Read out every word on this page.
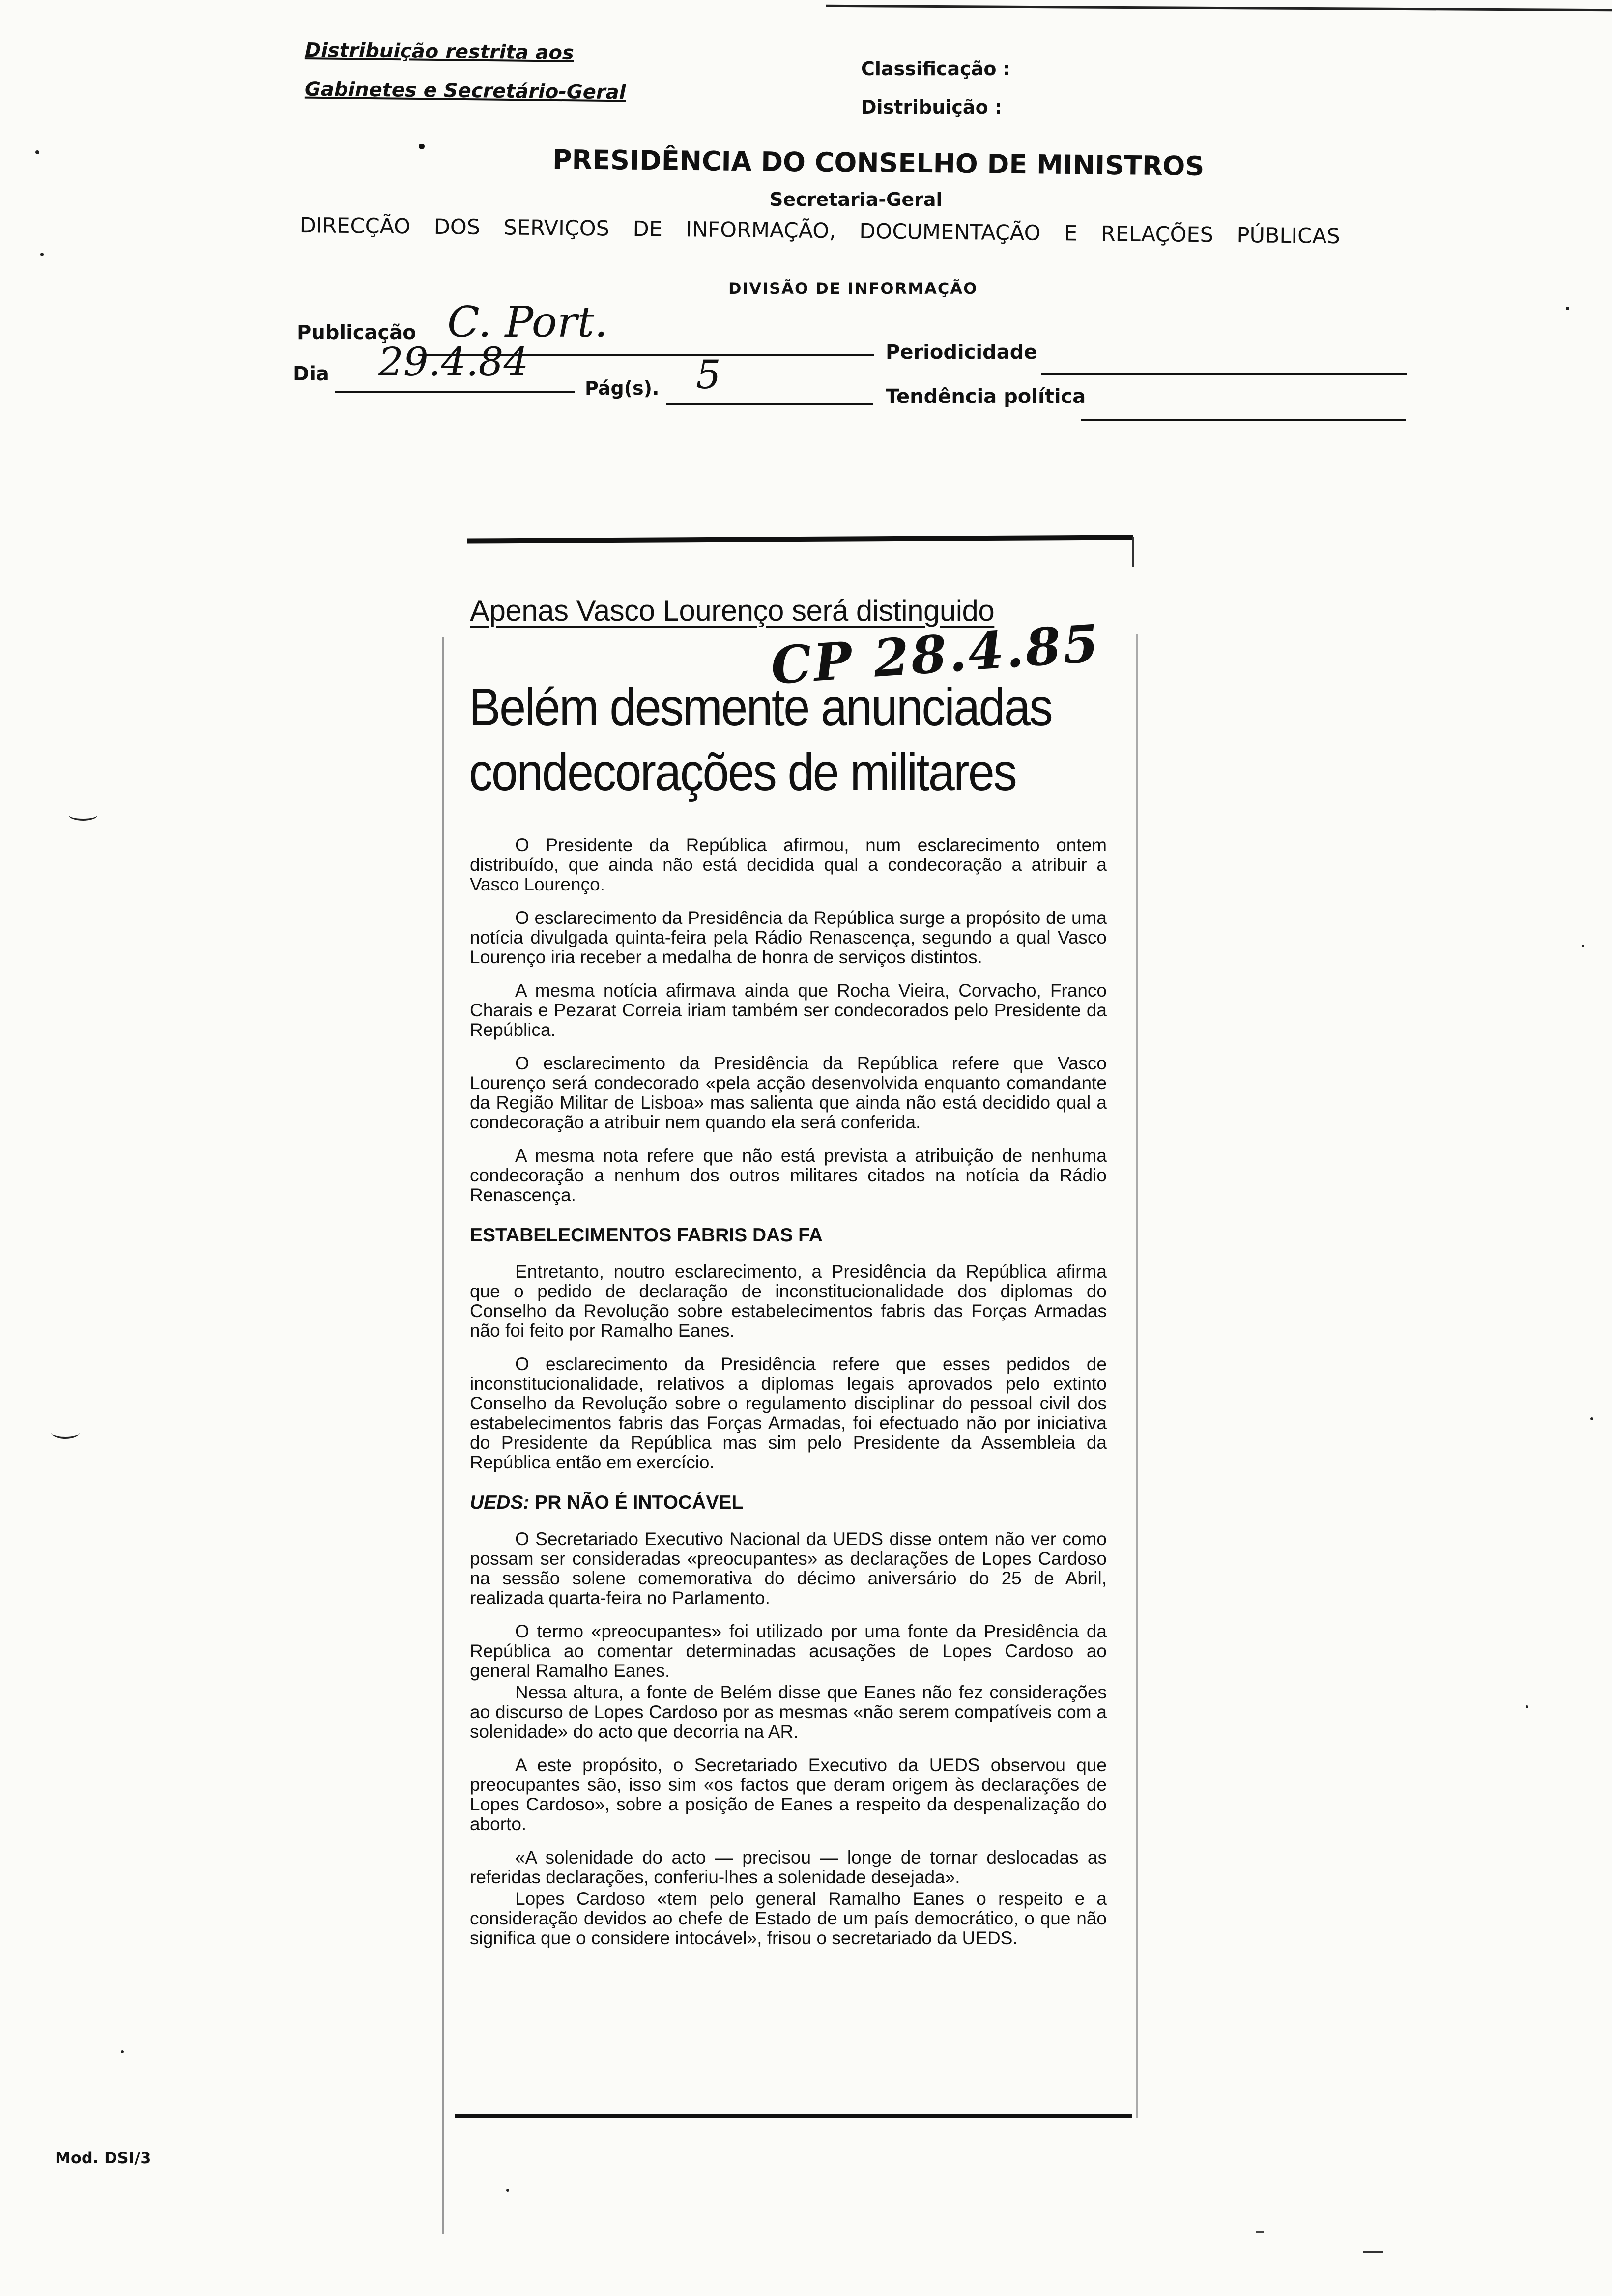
Distribuição restrita aos
Gabinetes e Secretário-Geral
Classificação :
Distribuição :
PRESIDÊNCIA DO CONSELHO DE MINISTROS
Secretaria-Geral
DIRECÇÃO DOS SERVIÇOS DE INFORMAÇÃO, DOCUMENTAÇÃO E RELAÇÕES PÚBLICAS
DIVISÃO DE INFORMAÇÃO
Publicação C. Port.
Periodicidade
Dia 29.4.84
Pág(s). 5	Tendência política
Apenas Vasco Lourenço será distinguido
CP 28.4.85
Belém desmente anunciadas
condecorações de militares

O Presidente da República afirmou, num esclarecimento ontem distribuído, que ainda não está decidida qual a condecoração a atribuir a Vasco Lourenço.

O esclarecimento da Presidência da República surge a propósito de uma notícia divulgada quinta-feira pela Rádio Renascença, segundo a qual Vasco Lourenço iria receber a medalha de honra de serviços distintos.

A mesma notícia afirmava ainda que Rocha Vieira, Corvacho, Franco Charais e Pezarat Correia iriam também ser condecorados pelo Presidente da República.

O esclarecimento da Presidência da República refere que Vasco Lourenço será condecorado «pela acção desenvolvida enquanto comandante da Região Militar de Lisboa» mas salienta que ainda não está decidido qual a condecoração a atribuir nem quando ela será conferida.

A mesma nota refere que não está prevista a atribuição de nenhuma condecoração a nenhum dos outros militares citados na notícia da Rádio Renascença.

ESTABELECIMENTOS FABRIS DAS FA

Entretanto, noutro esclarecimento, a Presidência da República afirma que o pedido de declaração de inconstitucionalidade dos diplomas do Conselho da Revolução sobre estabelecimentos fabris das Forças Armadas não foi feito por Ramalho Eanes.

O esclarecimento da Presidência refere que esses pedidos de inconstitucionalidade, relativos a diplomas legais aprovados pelo extinto Conselho da Revolução sobre o regulamento disciplinar do pessoal civil dos estabelecimentos fabris das Forças Armadas, foi efectuado não por iniciativa do Presidente da República mas sim pelo Presidente da Assembleia da República então em exercício.

UEDS: PR NÃO É INTOCÁVEL

O Secretariado Executivo Nacional da UEDS disse ontem não ver como possam ser consideradas «preocupantes» as declarações de Lopes Cardoso na sessão solene comemorativa do décimo aniversário do 25 de Abril, realizada quarta-feira no Parlamento.

O termo «preocupantes» foi utilizado por uma fonte da Presidência da República ao comentar determinadas acusações de Lopes Cardoso ao general Ramalho Eanes.

Nessa altura, a fonte de Belém disse que Eanes não fez considerações ao discurso de Lopes Cardoso por as mesmas «não serem compatíveis com a solenidade» do acto que decorria na AR.

A este propósito, o Secretariado Executivo da UEDS observou que preocupantes são, isso sim «os factos que deram origem às declarações de Lopes Cardoso», sobre a posição de Eanes a respeito da despenalização do aborto.

«A solenidade do acto — precisou — longe de tornar deslocadas as referidas declarações, conferiu-lhes a solenidade desejada».

Lopes Cardoso «tem pelo general Ramalho Eanes o respeito e a consideração devidos ao chefe de Estado de um país democrático, o que não significa que o considere intocável», frisou o secretariado da UEDS.

Mod. DSI/3
